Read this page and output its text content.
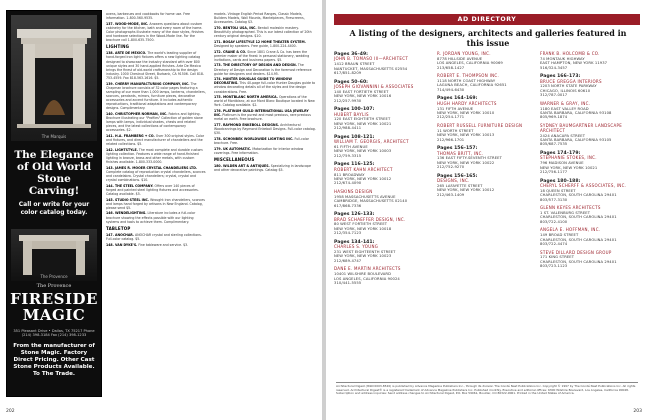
The Marquis
The Elegance of Old World Stone Carving!
Call or write for your color catalog today.
The Provence
The Provence
FIRESIDE MAGIC
351 Pleasant Drive • Dallas, TX 75217 Phone (214) 398-3184 Fax (214) 398-1233
From the manufacturer of Stone Magic. Factory Direct Pricing. Other Cast Stone Products Available. To The Trade.
ovens, barbecues and cookbooks for home use. Free information. 1-800-560-9535.
137. WOOD-MODE, INC. Answers questions about custom cabinetry for the kitchen, bath and every room of the home. Color photographs illustrate many of the door styles, finishes and hardware selections in the Wood-Mode line. For the brochure call 1-800-635-7500.
LIGHTING
138. ARTE DE MEXICO. The world's leading supplier of hand-forged iron light fixtures offers a new lighting catalog designed to showcase the industry standard with over 800 unique styles and 30 hand-applied finishes. Arte De Mexico brings the finest of old-world craftsmanship to the design industry. 1000 Chestnut Street, Burbank, CA 91506. Call 818-753-4559. Fax 818-563-1616. $5.
139. CHERRY MANUFACTURING COMPANY, INC. The Chapman brochure consists of 32 color pages featuring a sampling of our more than 1,000 lamps, lanterns, chandeliers, sconces, pendants, mirrors, furniture pieces, decorative accessories and accent furniture. It includes authentic reproductions, traditional adaptations and contemporary designs. Complimentary.
140. CHRISTOPHER NORMAN, INC. Fabrics and lighting. Brochure illustrating our "Profiles" Collection of golden stone lamps with lamps, individual shades, chests and related pieces, and the latest collections of contemporary accessories. $2.
141. H.A. FRAMBERG + CO. Over 300 original styles. Color and fixtures, and direct manufacturer of chandeliers and the related collections. $5.
142. LIGHTSTYLE. The most complete and durable custom lighting collection. Features a wide range of hand-finished lighting in bronze, brass and other metals, with custom finishes available. 1-800-333-0000.
143. JAMES R. MOOER CRYSTAL CHANDELIERS LTD. Complete catalog of reproduction crystal chandeliers, sconces and candelabra. Crystal chandeliers; crystal, crystal and crystal combinations. $10.
144. THE STEEL COMPANY. Offers over 140 pieces of forged and painted steel lighting fixtures and accessories. Catalog available. $5.
145. STUDIO STEEL INC. Wrought iron chandeliers, sconces and lamps hand forged by artisans in New England. Catalog, please send $5.
146. WENDELIGHTING. Literature includes a full-color brochure showing the effects possible with our lighting systems and tools to achieve them. Complimentary.
TABLETOP
147. ANOCHAR. ANOCHAR crystal and sterling collections. Full-color catalog. $5.
148. VAN DYKE'S. Fine tableware and service. $3.
models. Vintage English Period Ranges, Classic Models, Builders Models, Wall Mounts, Mantelpieces, Firescreens, Accessories. Catalog $3.
170. BENTOLI USA, INC. Bentoli moleskin mastery. Beautifully photographed. This is our latest collection of 20th century original designs. $10.
171. BOSAY LIFESTYLE 12 HOME THEATER SYSTEM. Designed by speakers. Free guide, 1-800-224-4400.
172. CRANE & CO. Since 1801 Crane & Co. has been the premier maker of the finest in personal stationery, wedding invitations, cards and business papers. $5.
173. THE DIRECTORY OF DESIGN AND DESIGN. The Directory of Design and Decoration is the foremost reference guide for designers and dealers. $14.95.
174. HUNTER DOUGLAS GUIDE TO WINDOW DECORATING. This 40-page full-color Hunter Douglas guide to window decorating details all of the styles and the design considerations. Free.
175. MONTBLANC NORTH AMERICA. Operations of the world of Montblanc, at our Mont Blanc Boutique located in New York. Catalog available. $2.
176. PLATINUM GUILD INTERNATIONAL USA JEWELRY INC. Platinum is the purest and most precious, rare precious metal on earth. Free brochure.
177. RAYMOND ENKEBOLL DESIGNS. Architectural Woodcarvings by Raymond Enkeboll Designs. Full-color catalog. $30.
178. SCHONBEK WORLDWIDE LIGHTING INC. Full-color brochure. Free.
179. UK AUTOMATIC. Motorization for interior window coverings. Free information.
MISCELLANEOUS
180. WILDEN ART & ANTIQUES. Specializing in landscape and other decorative paintings. Catalog $5.
202
AD DIRECTORY
A listing of the designers, architects and galleries featured in this issue
Pages 36–49:
JOHN B. TOMASO III—ARCHITECT
1412 BRAUN STREET
NANTUCKET, MASSACHUSETTS 02554
617/851-8209
Pages 50–60:
JOSEPH GIOVANNINI & ASSOCIATES
140 EAST FORTIETH STREET
NEW YORK, NEW YORK 10016
212/257-9930
Pages 100–107:
HUBERT BAYLIS
120 EAST EIGHTIETH STREET
NEW YORK, NEW YORK 10021
212/988-4411
Pages 108–121:
WILLIAM T. GEORGIS, ARCHITECT
61 FIFTH AVENUE
NEW YORK, NEW YORK 10003
212/759-3315
Pages 116–125:
ROBERT KAHN ARCHITECT
811 BROADWAY
NEW YORK, NEW YORK 10012
212/674-4090
HASKINS DESIGN
1958 MASSACHUSETTS AVENUE
CAMBRIDGE, MASSACHUSETTS 02140
617/868-7336
Pages 126–133:
BRAD SCHAEFFER DESIGN, INC.
80 WEST FORTIETH STREET
NEW YORK, NEW YORK 10018
212/354-7123
Pages 134–141:
CHARLES S. YOUNG
231 WEST EIGHTEENTH STREET
NEW YORK, NEW YORK 10023
212/689-4747
DANE E. MARTIN ARCHITECTS
10401 WILSHIRE BOULEVARD
LOS ANGELES, CALIFORNIA 90024
310/441-5555
R. JORDAN YOUNG, INC.
8778 HILLSIDE AVENUE
LOS ANGELES, CALIFORNIA 90069
213/658-1427
ROBERT E. THOMPSON INC.
1118 NORTH COAST HIGHWAY
LAGUNA BEACH, CALIFORNIA 92651
714/494-6430
Pages 164–169:
HUGH HARDY ARCHITECTS
131 FIFTH AVENUE
NEW YORK, NEW YORK 10010
212/254-1771
ROBERT RUSSELL FURNITURE DESIGN
11 WORTH STREET
NEW YORK, NEW YORK 10013
212/966-1701
Pages 156–157:
THOMAS BRITT, INC.
136 EAST FIFTY-SEVENTH STREET
NEW YORK, NEW YORK 10022
212/752-9270
Pages 156–165:
DESIGNS, INC.
265 LAFAYETTE STREET
NEW YORK, NEW YORK 10012
212/463-1409
FRANK B. HOLCOMB & CO.
74 MONTAUK HIGHWAY
EAST HAMPTON, NEW YORK 11937
516/324-3457
Pages 166–173:
BRUCE GREGGA INTERIORS
1203 NORTH STATE PARKWAY
CHICAGO, ILLINOIS 60610
312/787-0017
WARNER & GRAY, INC.
1180 EAST VALLEY ROAD
SANTA BARBARA, CALIFORNIA 93108
805/969-1874
SYDNEY BAUMGARTNER LANDSCAPE ARCHITECT
2424 ANACAPA STREET
SANTA BARBARA, CALIFORNIA 93105
805/687-7535
Pages 174–179:
STEPHANIE STOKES, INC.
796 MADISON AVENUE
NEW YORK, NEW YORK 10021
212/756-1177
Pages 180–188:
CHERYL SCHERFF & ASSOCIATES, INC.
18 QUEEN STREET
CHARLESTON, SOUTH CAROLINA 29401
803/577-3130
GLENN KEYES ARCHITECTS
1 ST. VALENBURG STREET
CHARLESTON, SOUTH CAROLINA 29401
803/722-4100
ANGELA E. HOFFMAN, INC.
149 BROAD STREET
CHARLESTON, SOUTH CAROLINA 29401
803/722-4474
STEVE DILLARD DESIGN GROUP
171 KING STREET
CHARLESTON, SOUTH CAROLINA 29401
803/723-1123
Architectural Digest (ISSN 0003-8520) is published by Advance Magazine Publishers Inc., through its division The Condé Nast Publications Inc. Copyright © 1997 by The Condé Nast Publications Inc. All rights reserved. Architectural Digest® is a registered trademark of Advance Magazine Publishers Inc. Published monthly. Executive and editorial offices: 6300 Wilshire Boulevard, Los Angeles, California 90048. Subscription and address inquiries: Send address changes to Architectural Digest, P.O. Box 59061, Boulder, CO 80322-9061. Printed in the United States of America.
203
